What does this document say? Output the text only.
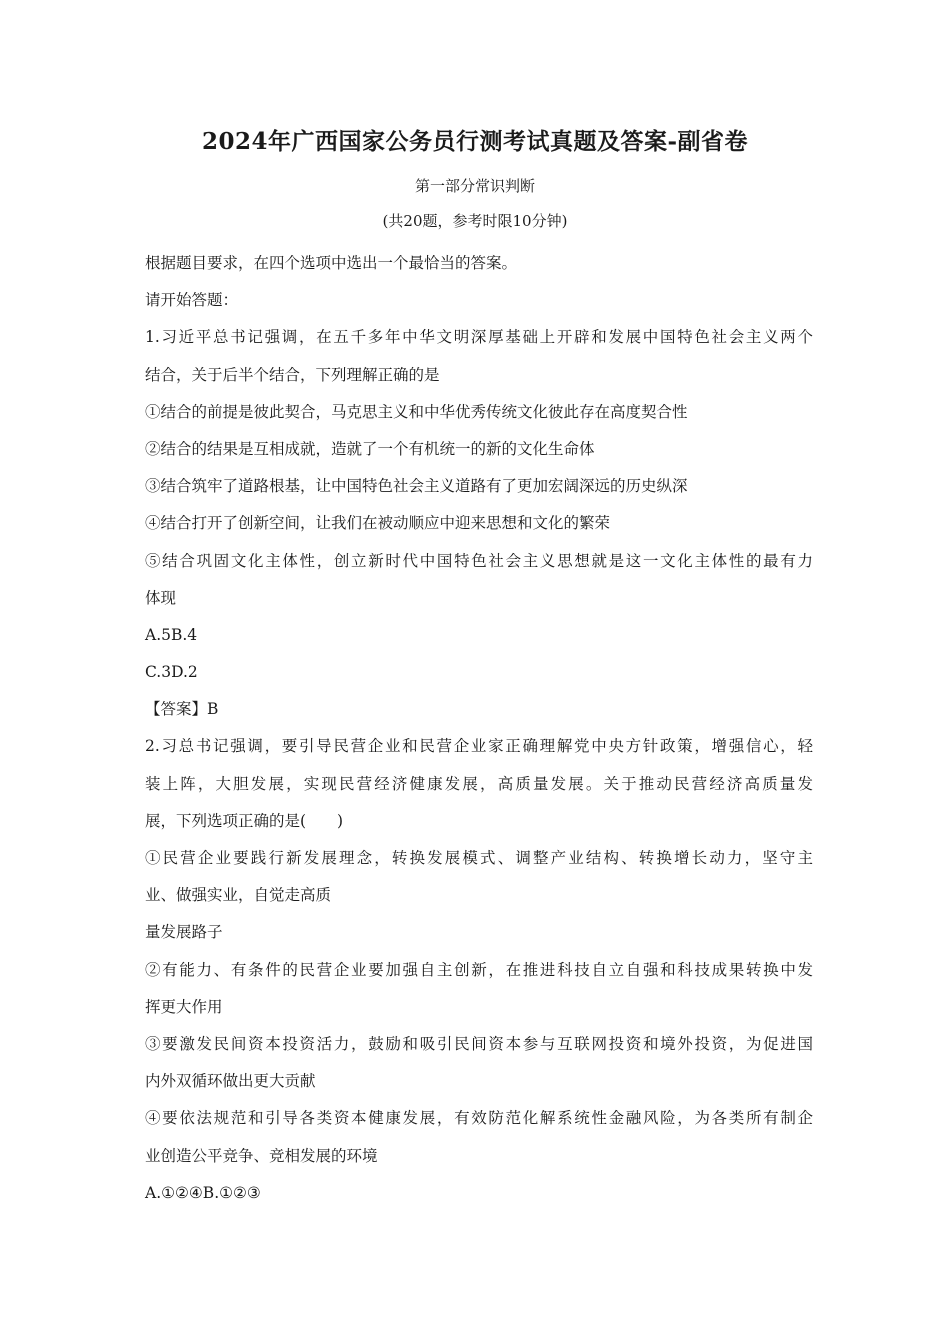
2024年广西国家公务员行测考试真题及答案-副省卷
第一部分常识判断
(共20题，参考时限10分钟)
根据题目要求，在四个选项中选出一个最恰当的答案。
请开始答题：
1.习近平总书记强调，在五千多年中华文明深厚基础上开辟和发展中国特色社会主义两个
结合，关于后半个结合，下列理解正确的是
①结合的前提是彼此契合，马克思主义和中华优秀传统文化彼此存在高度契合性
②结合的结果是互相成就，造就了一个有机统一的新的文化生命体
③结合筑牢了道路根基，让中国特色社会主义道路有了更加宏阔深远的历史纵深
④结合打开了创新空间，让我们在被动顺应中迎来思想和文化的繁荣
⑤结合巩固文化主体性，创立新时代中国特色社会主义思想就是这一文化主体性的最有力
体现
A.5B.4
C.3D.2
【答案】B
2.习总书记强调，要引导民营企业和民营企业家正确理解党中央方针政策，增强信心，轻
装上阵，大胆发展，实现民营经济健康发展，高质量发展。关于推动民营经济高质量发
展，下列选项正确的是(　　)
①民营企业要践行新发展理念，转换发展模式、调整产业结构、转换增长动力，坚守主
业、做强实业，自觉走高质
量发展路子
②有能力、有条件的民营企业要加强自主创新，在推进科技自立自强和科技成果转换中发
挥更大作用
③要激发民间资本投资活力，鼓励和吸引民间资本参与互联网投资和境外投资，为促进国
内外双循环做出更大贡献
④要依法规范和引导各类资本健康发展，有效防范化解系统性金融风险，为各类所有制企
业创造公平竞争、竞相发展的环境
A.①②④B.①②③
